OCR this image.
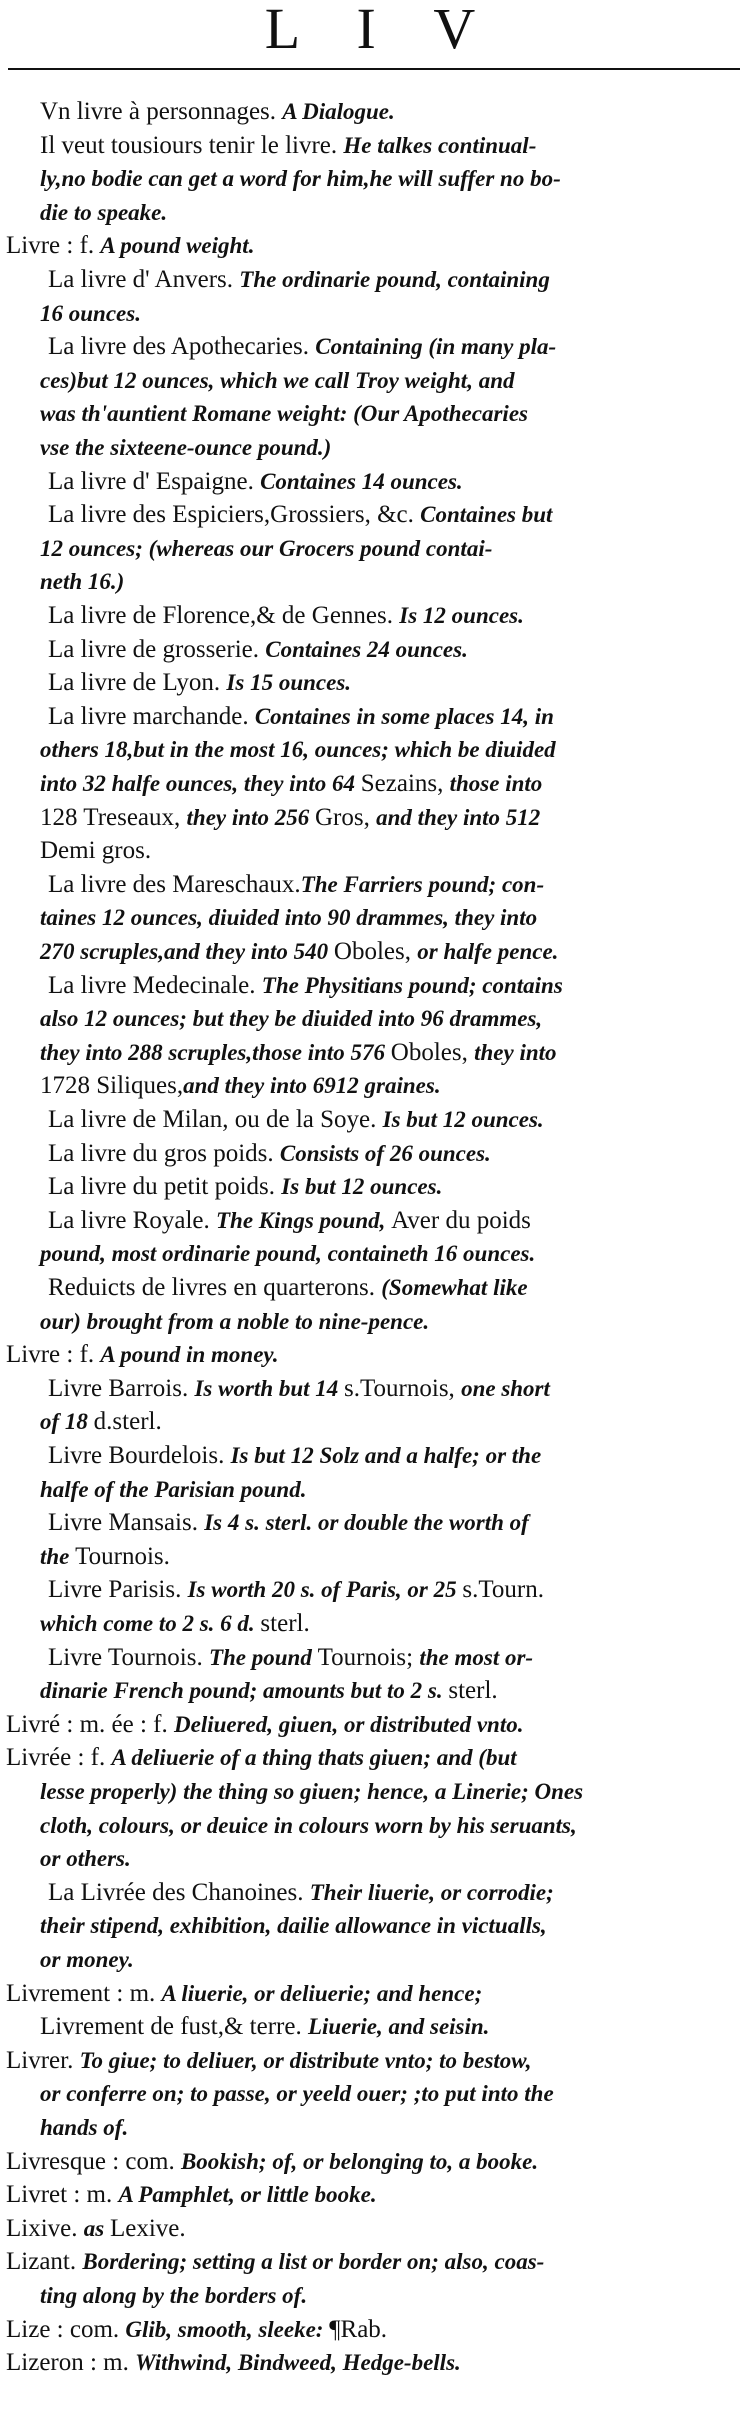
L I V
Vn livre à personnages. A Dialogue.
Il veut tousiours tenir le livre. He talkes continual-
ly,no bodie can get a word for him,he will suffer no bo-
die to speake.
Livre : f. A pound weight.
La livre d' Anvers. The ordinarie pound, containing
16 ounces.
La livre des Apothecaries. Containing (in many pla-
ces)but 12 ounces, which we call Troy weight, and
was th'auntient Romane weight: (Our Apothecaries
vse the sixteene-ounce pound.)
La livre d' Espaigne. Containes 14 ounces.
La livre des Espiciers,Grossiers, &c. Containes but
12 ounces; (whereas our Grocers pound contai-
neth 16.)
La livre de Florence,& de Gennes. Is 12 ounces.
La livre de grosserie. Containes 24 ounces.
La livre de Lyon. Is 15 ounces.
La livre marchande. Containes in some places 14, in
others 18,but in the most 16, ounces; which be diuided
into 32 halfe ounces, they into 64 Sezains, those into
128 Treseaux, they into 256 Gros, and they into 512
Demi gros.
La livre des Mareschaux.The Farriers pound; con-
taines 12 ounces, diuided into 90 drammes, they into
270 scruples,and they into 540 Oboles, or halfe pence.
La livre Medecinale. The Physitians pound; contains
also 12 ounces; but they be diuided into 96 drammes,
they into 288 scruples,those into 576 Oboles, they into
1728 Siliques,and they into 6912 graines.
La livre de Milan, ou de la Soye. Is but 12 ounces.
La livre du gros poids. Consists of 26 ounces.
La livre du petit poids. Is but 12 ounces.
La livre Royale. The Kings pound, Aver du poids
pound, most ordinarie pound, containeth 16 ounces.
Reduicts de livres en quarterons. (Somewhat like
our) brought from a noble to nine-pence.
Livre : f. A pound in money.
Livre Barrois. Is worth but 14 s.Tournois, one short
of 18 d.sterl.
Livre Bourdelois. Is but 12 Solz and a halfe; or the
halfe of the Parisian pound.
Livre Mansais. Is 4 s. sterl. or double the worth of
the Tournois.
Livre Parisis. Is worth 20 s. of Paris, or 25 s.Tourn.
which come to 2 s. 6 d. sterl.
Livre Tournois. The pound Tournois; the most or-
dinarie French pound; amounts but to 2 s. sterl.
Livré : m. ée : f. Deliuered, giuen, or distributed vnto.
Livrée : f. A deliuerie of a thing thats giuen; and (but
lesse properly) the thing so giuen; hence, a Linerie; Ones
cloth, colours, or deuice in colours worn by his seruants,
or others.
La Livrée des Chanoines. Their liuerie, or corrodie;
their stipend, exhibition, dailie allowance in victualls,
or money.
Livrement : m. A liuerie, or deliuerie; and hence;
Livrement de fust,& terre. Liuerie, and seisin.
Livrer. To giue; to deliuer, or distribute vnto; to bestow,
or conferre on; to passe, or yeeld ouer; ;to put into the
hands of.
Livresque : com. Bookish; of, or belonging to, a booke.
Livret : m. A Pamphlet, or little booke.
Lixive. as Lexive.
Lizant. Bordering; setting a list or border on; also, coas-
ting along by the borders of.
Lize : com. Glib, smooth, sleeke: ¶Rab.
Lizeron : m. Withwind, Bindweed, Hedge-bells.
